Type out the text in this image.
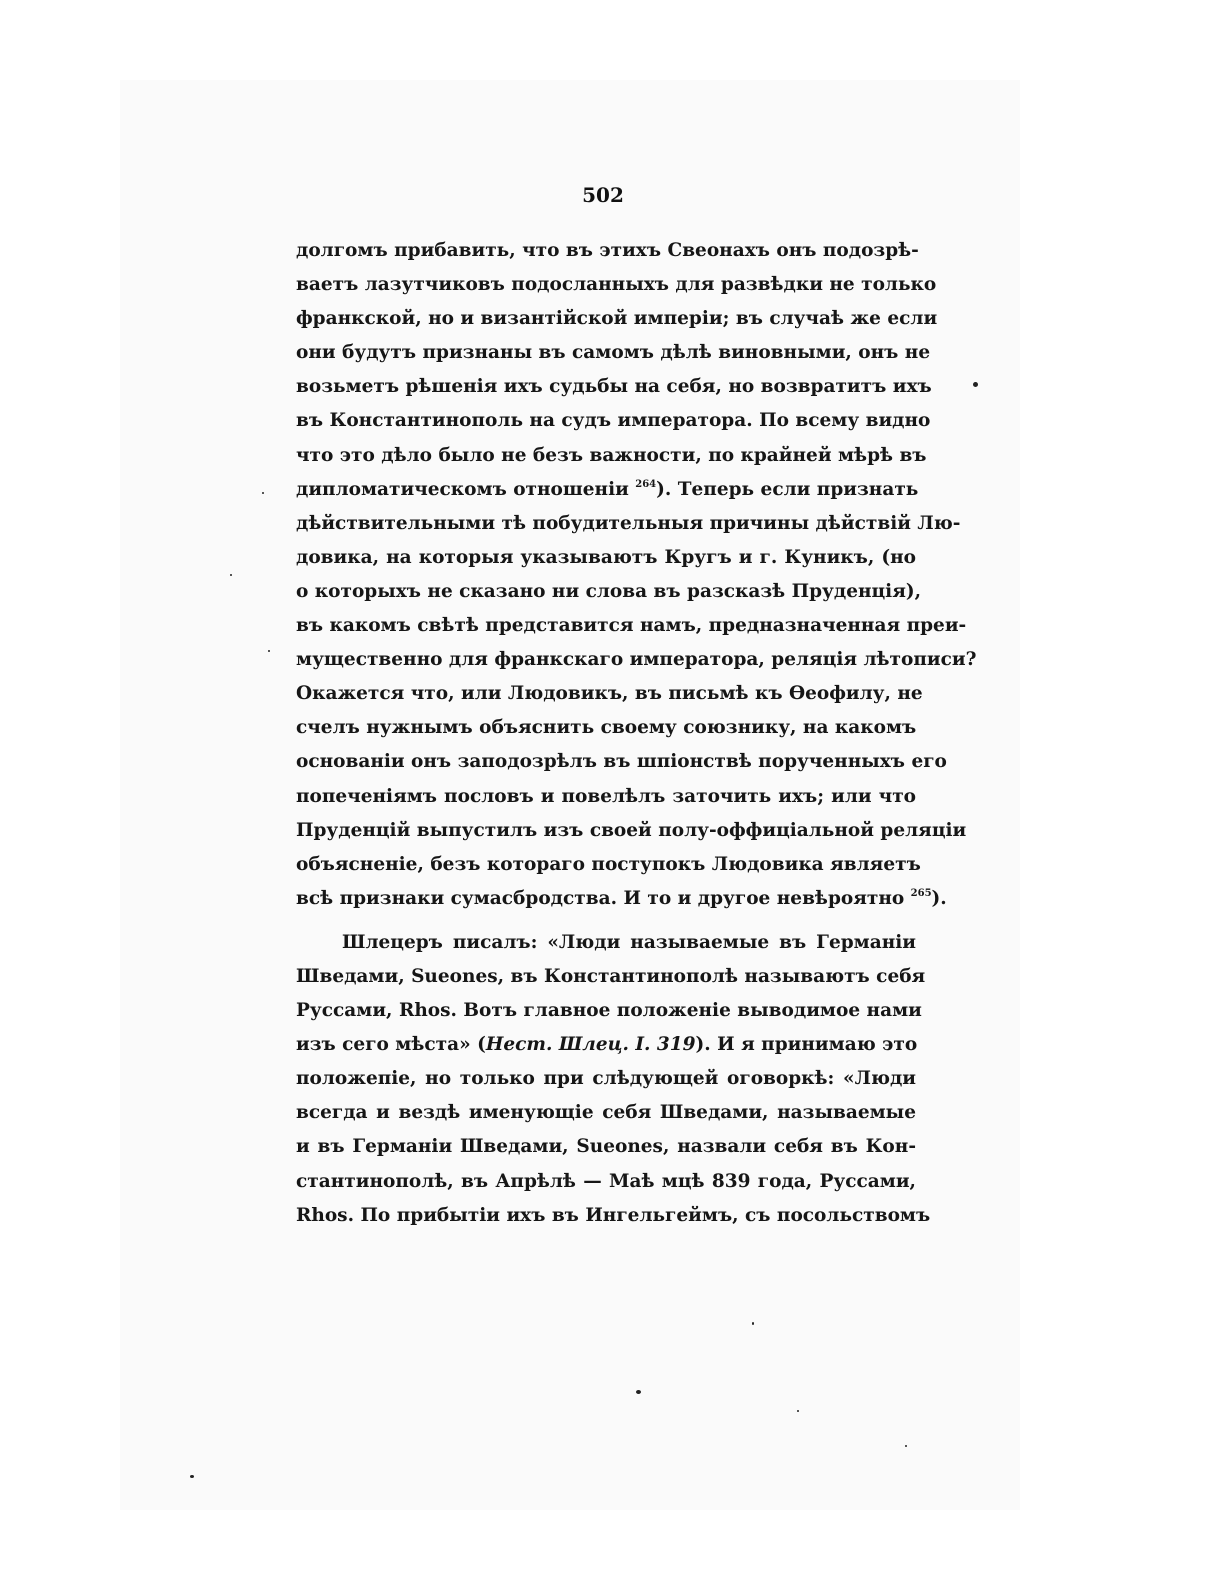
502
долгомъ прибавить, что въ этихъ Свеонахъ онъ подозрѣ-
ваетъ лазутчиковъ подосланныхъ для развѣдки не только
франкской, но и византійской имперіи; въ случаѣ же если
они будутъ признаны въ самомъ дѣлѣ виновными, онъ не
возьметъ рѣшенія ихъ судьбы на себя, но возвратитъ ихъ
въ Константинополь на судъ императора. По всему видно
что это дѣло было не безъ важности, по крайней мѣрѣ въ
дипломатическомъ отношеніи $^{264}$). Теперь если признать
дѣйствительными тѣ побудительныя причины дѣйствій Лю-
довика, на которыя указываютъ Кругъ и г. Куникъ, (но
о которыхъ не сказано ни слова въ разсказѣ Пруденція),
въ какомъ свѣтѣ представится намъ, предназначенная преи-
мущественно для франкскаго императора, реляція лѣтописи?
Окажется что, или Людовикъ, въ письмѣ къ Ѳеофилу, не
счелъ нужнымъ объяснить своему союзнику, на какомъ
основаніи онъ заподозрѣлъ въ шпіонствѣ порученныхъ его
попеченіямъ пословъ и повелѣлъ заточить ихъ; или что
Пруденцій выпустилъ изъ своей полу-оффиціальной реляціи
объясненіе, безъ котораго поступокъ Людовика являетъ
всѣ признаки сумасбродства. И то и другое невѣроятно $^{265}$).
Шлецеръ писалъ: «Люди называемые въ Германіи
Шведами, Sueones, въ Константинополѣ называютъ себя
Руссами, Rhos. Вотъ главное положеніе выводимое нами
изъ сего мѣста» (Нест. Шлец. I. 319). И я принимаю это
положепіе, но только при слѣдующей оговоркѣ: «Люди
всегда и вездѣ именующіе себя Шведами, называемые
и въ Германіи Шведами, Sueones, назвали себя въ Кон-
стантинополѣ, въ Апрѣлѣ — Маѣ мцѣ 839 года, Руссами,
Rhos. По прибытіи ихъ въ Ингельгеймъ, съ посольствомъ
